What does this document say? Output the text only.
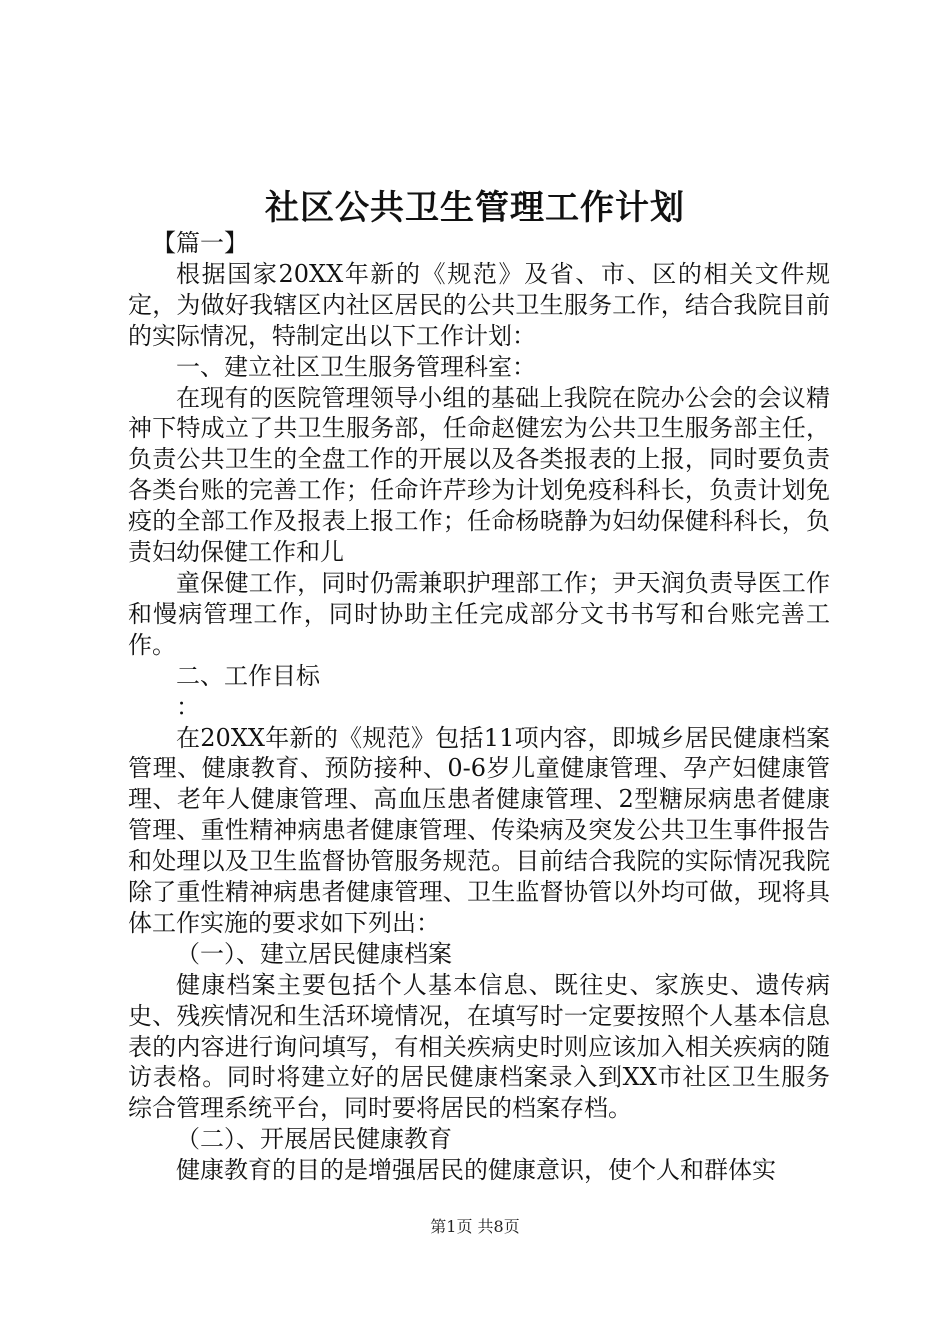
社区公共卫生管理工作计划

【篇一】

根据国家20XX年新的《规范》及省、市、区的相关文件规定，为做好我辖区内社区居民的公共卫生服务工作，结合我院目前的实际情况，特制定出以下工作计划：

一、建立社区卫生服务管理科室：

在现有的医院管理领导小组的基础上我院在院办公会的会议精神下特成立了共卫生服务部，任命赵健宏为公共卫生服务部主任，负责公共卫生的全盘工作的开展以及各类报表的上报，同时要负责各类台账的完善工作；任命许芹珍为计划免疫科科长，负责计划免疫的全部工作及报表上报工作；任命杨晓静为妇幼保健科科长，负责妇幼保健工作和儿

童保健工作，同时仍需兼职护理部工作；尹天润负责导医工作和慢病管理工作，同时协助主任完成部分文书书写和台账完善工作。

二、工作目标

：

在20XX年新的《规范》包括11项内容，即城乡居民健康档案管理、健康教育、预防接种、0-6岁儿童健康管理、孕产妇健康管理、老年人健康管理、高血压患者健康管理、2型糖尿病患者健康管理、重性精神病患者健康管理、传染病及突发公共卫生事件报告和处理以及卫生监督协管服务规范。目前结合我院的实际情况我院除了重性精神病患者健康管理、卫生监督协管以外均可做，现将具体工作实施的要求如下列出：

（一）、建立居民健康档案

健康档案主要包括个人基本信息、既往史、家族史、遗传病史、残疾情况和生活环境情况，在填写时一定要按照个人基本信息表的内容进行询问填写，有相关疾病史时则应该加入相关疾病的随访表格。同时将建立好的居民健康档案录入到XX市社区卫生服务综合管理系统平台，同时要将居民的档案存档。

（二）、开展居民健康教育

健康教育的目的是增强居民的健康意识，使个人和群体实

第1页 共8页
